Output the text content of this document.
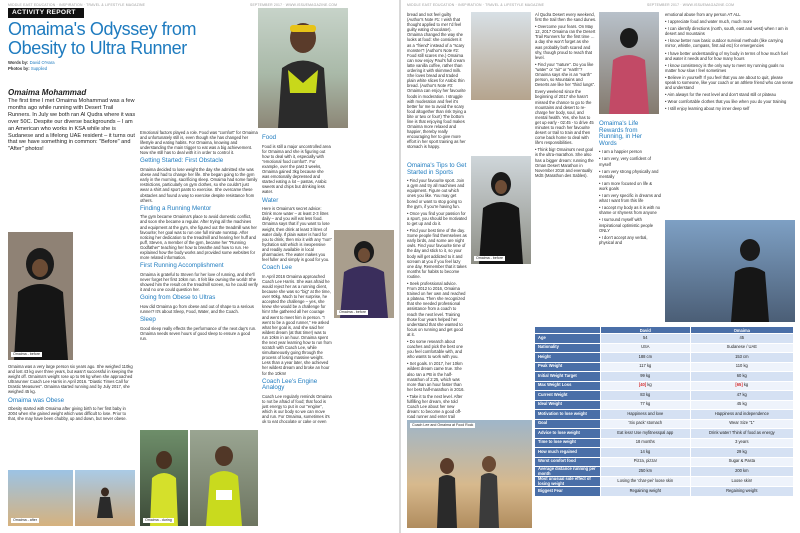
MIDDLE EAST EDUCATION · INSPIRATION · TRAVEL & LIFESTYLE MAGAZINE	SEPTEMBER 2017 · WWW.ISSUEMAGAZINE.COM
ACTIVITY REPORT
Omaima's Odyssey from Obesity to Ultra Runner
Words by: David O'Hara
Photos by: Supplied
Omaima Mohammad
The first time I met Omaima Mohammad was a few months ago while running with Desert Trail Runners. In July we both ran Al Qudra where it was over 50C. Despite our diverse backgrounds – I am an American who works in KSA while she is Sudanese and a lifelong UAE resident – it turns out that we have something in common: "Before" and "After" photos!
Omaima - before
Omaima - after

Omaima was a very large person six years ago. She weighed 110kg and lost 43 kg over three years, but wasn't successful in keeping the weight off. Omaima's weight rose up to 96 kg when she approached Ultrarunner Coach Lee Harris in April 2016. "Diastic Times Call for Drastic Measures". Omaima started running and by July 2017, she weighed 45 kg.

Omaima was Obese

Obesity started with Omaima after giving birth to her first baby in 2004 when she gained weight which was difficult to lose. Prior to that, she may have been chubby, up and down, but never obese.

Emotional factors played a role. Food was "comfort" for Omaima and unfortunately still is, even though she has changed her lifestyle and eating habits. For Omaima, knowing and understanding the main trigger to eat was a big achievement. Now she still has to deal with it in order to control it.

Getting Started: First Obstacle

Omaima decided to lose weight the day she admitted she was obese and had to change her life. She began going to the gym early in the morning, sacrificing sleep. Omaima had some family restrictions, particularly on gym clothes, so she couldn't just wear a shirt and sport pants to exercise. She overcame these obstacles and found a way to exercise despite resistance from others.

Finding a Running Mentor

The gym became Omaima's place to avoid domestic conflict, and soon she became a regular. After trying all the machines and equipment at the gym, she figured out the treadmill was her favourite; her goal was to run one full minute nonstop. After noticing her dedication to the treadmill and hearing her huff and puff, Steven, a member of the gym, became her "Running Godfather" teaching her how to breathe and how to run. He explained how the body works and provided some websites for more related information.

First Running Accomplishment

Omaima is grateful to Steven for her love of running, and she'll never forget her first 10km run. It felt like owning the world! She showed him the result on the treadmill screen, so he could verify it and no one could question her.

Going from Obese to Ultras

How did Omaima go from obese and out of shape to a serious runner? It's about Sleep, Food, Water, and the Coach.

Sleep

Good sleep really effects the performance of the next day's run. Omaima needs seven hours of good sleep to ensure a good run.

Omaima - during
Food

Food is still a major uncontrolled area for Omaima and she is figuring out how to deal with it, especially with "emotional food comfort". For example, over the past 3 weeks, Omaima gained 3kg because she was emotionally depressed and started eating a lot – pastas, Arabic sweets and chips but drinking less water.

Water

Here is Omaima's secret advice: Drink more water – at least 2-3 litres daily – and you will eat less food. Omaima says that if you want to lose weight, then drink at least 3 litres of water daily. If plain water is hard for you to drink, then mix it with any "non" hydration salt which is inexpensive and readily available in local pharmacies. The water makes you feel fuller and simply is good for you.

Coach Lee

In April 2016 Omaima approached Coach Lee Harris. She was afraid he would reject her as a running client, because she was so "big" at the time, over 90kg. Much to her surprise, he accepted the challenge – yes, she knew she would be a challenge for him! She gathered all her courage and went to meet him in person. "I went to be a good runner," He asked what her goal is, and she said her wildest dream (at that time!) was to run 10km in an hour. Omaima spent the next year learning how to run from scratch with Coach Lee, while simultaneously going through the process of losing massive weight. Less than a year later, she achieved her wildest dream and broke an hour for the 10km!

Coach Lee's Engine Analogy

Coach Lee regularly reminds Omaima to not be afraid of food; that food is just energy to put in our "engine", which is our body so we can move and run. For Omaima, sometimes it's ok to eat chocolate or cake or even

Omaima - before
MIDDLE EAST EDUCATION · INSPIRATION · TRAVEL & LIFESTYLE MAGAZINE	SEPTEMBER 2017 · WWW.ISSUEMAGAZINE.COM

bread and not feel guilty (Author's Note #1: I wish that thought applied to me! I'd feel guilty eating chocolate!). Omaima changed the way she looks at food: she considers it as a "friend" instead of a "scary monster"! (Author's Note #2: Food still scares me.) Omaima can now enjoy Paul's full cream latte vanilla coffee, rather than ordering it with skimmed milk. She loves bread and traded plain white slices for Arabic thin bread. (Author's Note #3: Omaima can enjoy her favourite foods in moderation. I struggle with moderation and feel it's better for me to avoid the scary food altogether than risk trying a bite or two or four!) The bottom line is that enjoying food makes Omaima more relaxed and happier, thereby really encouraging her to give more effort in her sport training as her stomach is happy.

Omaima's Tips to Get Started in Sports

• Find your favourite sport. Join a gym and try all machines and equipment. Figure out which ones you like. You may get bored or want to stop going to the gym, if you're having fun.

• Once you find your passion for a sport, you should be motivated to get up and do it.

• Find your best time of the day. Some people find themselves as early birds, and some are night owls. Find your favourite time of the day and stick to it, so your body will get addicted to it and scream at you if you feel lazy one day. Remember that it takes months for habits to become routine.

• Seek professional advice. From 2012 to 2016, Omaima trained on her own and reached a plateau. Then she recognized that she needed professional assistance from a coach to reach the next level. Training those four years helped her understand that she wanted to focus on running and get good at it.

• Do some research about coaches and pick the best one you feel comfortable with, and who wants to work with you.

• Set goals. In 2017, her 10km wildest dream came true. She also ran a PB in the half-marathon of 2:25, which was more than an hour faster than her best half-marathon in 2016.

• Take it to the next level. After fulfilling her dream, she told Coach Lee about her new dream: to become a good off-road runner and enter trail

Omaima - before
Coach Lee and Omaima at Food Rock

Al Qudra Desert every weekend, first the trail then the sand dunes.

• Overcome your fears. On May 12, 2017 Omaima ran the Desert Trail Runners for the first time … a day she won't forget as she was probably both scared and shy, though proud to reach that level.

• Find your "nature". Do you like "water" or "air" or "earth"? Omaima says she is an "earth" person, so Mountains and Deserts are like her "third lungs".

Every weekend since the beginning of 2017 she hasn't missed the chance to go to the mountains and desert to re-charge her body, soul, and mental health. Yes, she has to get up early - 02:45 - to drive 45 minutes to reach her favourite desert or trail to train and then come back home to deal with life's responsibilities.

• Think big! Omaima's next goal is the ultra-marathon. She also has a bigger dream: running the Oman Desert Marathon in November 2018 and eventually MdS (Marathon des Sables).

Omaima's Life Rewards from Running, in Her Words

• I am a happier person

• I am very, very confident of myself

• I am very strong physically and mentally

• I am more focused on life & work goals

• I am very specific in dreams and what I want from this life

• I accept my body as it is with no shame or shyness from anyone

• I surround myself with inspirational optimistic people ONLY

• I don't accept any verbal, physical and

emotional abuse from any person AT ALL

• I appreciate food and water much, much more

• I can identify directions (north, south, east and west) when I am in desert and mountains

• I know better now basic outdoor survival methods (like carrying mirror, whistle, compass, first aid etc) for emergencies

• I have better understanding of my body in terms of how much fuel and water it needs and for how many hours

• I know consistency is the only way to meet my running goals no matter how slow I feel sometimes

• Believe in yourself! If you feel that you are about to quit, please speak to someone, like your coach or an athlete friend who can sense and understand

• Aim always for the next level and don't stand still or plateau

• Wear comfortable clothes that you like when you do your training

• I still enjoy learning about my inner deep self

	David	Omaima
Age	54	45
Nationality	USA	Sudanese / UAE
Height	188 cm	153 cm
Peak Weight	117 kg	110 kg
Initial Weight Target	99 kg	60 kg
Max Weight Loss	[40] kg	[65] kg
Current Weight	83 kg	47 kg
Ideal Weight	77 kg	45 kg
Motivation to lose weight	Happiness and love	Happiness and independence
Goal	'Six pack' stomach	Wear Size "1"
Advice to lose weight	Eat less! Use myfitnesspal app	Drink water! Think of food as energy
Time to lose weight	18 months	3 years
How much regained	14 kg	29 kg
Worst comfort food	Pizza, pizza!	Sugar & Pasta
Average distance running per month	250 km	200 km
Most unusual side effect of losing weight	Losing the 'char-pei' loose skin	Loose skin!
Biggest Fear	Regaining weight	Regaining weight
